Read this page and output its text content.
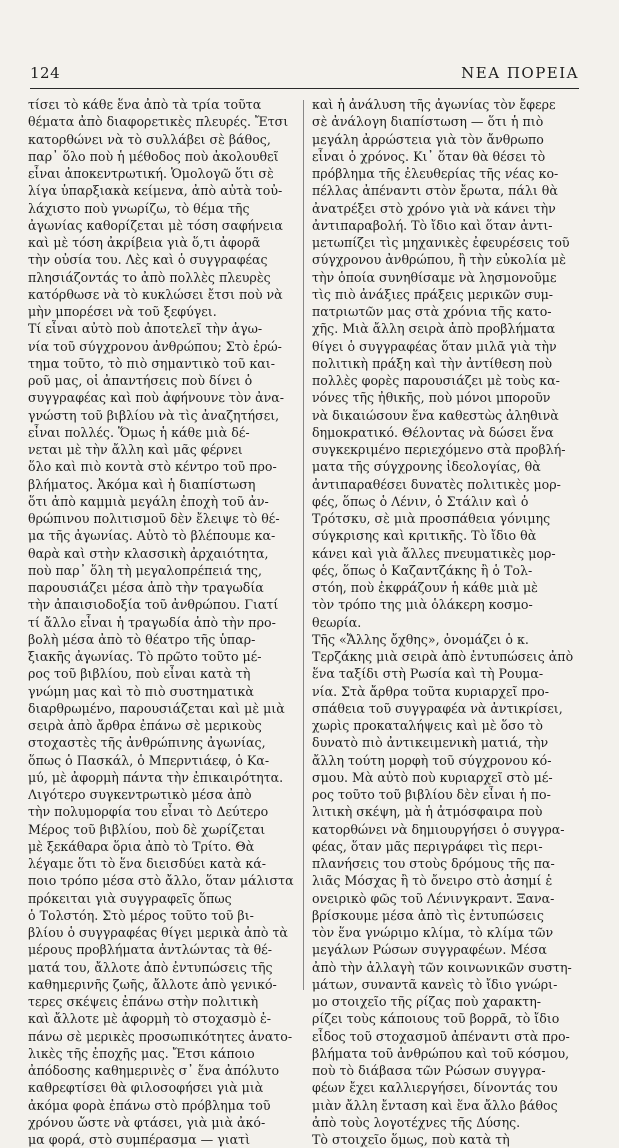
124	ΝΕΑ ΠΟΡΕΙΑ
τίσει τὸ κάθε ἕνα ἀπὸ τὰ τρία τοῦτα
θέματα ἀπὸ διαφορετικὲς πλευρές. Ἔτσι
κατορθώνει νὰ τὸ συλλάβει σὲ βάθος,
παρ᾽ ὅλο ποὺ ἡ μέθοδος ποὺ ἀκολουθεῖ
εἶναι ἀποκεντρωτική. Ὁμολογῶ ὅτι σὲ
λίγα ὑπαρξιακὰ κείμενα, ἀπὸ αὐτὰ τοὐ-
λάχιστο ποὺ γνωρίζω, τὸ θέμα τῆς
ἀγωνίας καθορίζεται μὲ τόση σαφήνεια
καὶ μὲ τόση ἀκρίβεια γιὰ ὅ,τι ἀφορᾶ
τὴν οὐσία του. Λὲς καὶ ὁ συγγραφέας
πλησιάζοντάς το ἀπὸ πολλὲς πλευρὲς
κατόρθωσε νὰ τὸ κυκλώσει ἔτσι ποὺ νὰ
μὴν μπορέσει νὰ τοῦ ξεφύγει.
Τί εἶναι αὐτὸ ποὺ ἀποτελεῖ τὴν ἀγω-
νία τοῦ σύγχρονου ἀνθρώπου; Στὸ ἐρώ-
τημα τοῦτο, τὸ πιὸ σημαντικὸ τοῦ και-
ροῦ μας, οἱ ἀπαντήσεις ποὺ δίνει ὁ
συγγραφέας καὶ ποὺ ἀφήνουνε τὸν ἀνα-
γνώστη τοῦ βιβλίου νὰ τὶς ἀναζητήσει,
εἶναι πολλές. Ὅμως ἡ κάθε μιὰ δέ-
νεται μὲ τὴν ἄλλη καὶ μᾶς φέρνει
ὅλο καὶ πιὸ κοντὰ στὸ κέντρο τοῦ προ-
βλήματος. Ἀκόμα καὶ ἡ διαπίστωση
ὅτι ἀπὸ καμμιὰ μεγάλη ἐποχὴ τοῦ ἀν-
θρώπινου πολιτισμοῦ δὲν ἔλειψε τὸ θέ-
μα τῆς ἀγωνίας. Αὐτὸ τὸ βλέπουμε κα-
θαρὰ καὶ στὴν κλασσικὴ ἀρχαιότητα,
ποὺ παρ᾽ ὅλη τὴ μεγαλοπρέπειά της,
παρουσιάζει μέσα ἀπὸ τὴν τραγωδία
τὴν ἀπαισιοδοξία τοῦ ἀνθρώπου. Γιατί
τί ἄλλο εἶναι ἡ τραγωδία ἀπὸ τὴν προ-
βολὴ μέσα ἀπὸ τὸ θέατρο τῆς ὑπαρ-
ξιακῆς ἀγωνίας. Τὸ πρῶτο τοῦτο μέ-
ρος τοῦ βιβλίου, ποὺ εἶναι κατὰ τὴ
γνώμη μας καὶ τὸ πιὸ συστηματικὰ
διαρθρωμένο, παρουσιάζεται καὶ μὲ μιὰ
σειρὰ ἀπὸ ἄρθρα ἐπάνω σὲ μερικοὺς
στοχαστὲς τῆς ἀνθρώπινης ἀγωνίας,
ὅπως ὁ Πασκάλ, ὁ Μπερντιάεφ, ὁ Κα-
μύ, μὲ ἀφορμὴ πάντα τὴν ἐπικαιρότητα.
Λιγότερο συγκεντρωτικὸ μέσα ἀπὸ
τὴν πολυμορφία του εἶναι τὸ Δεύτερο
Μέρος τοῦ βιβλίου, ποὺ δὲ χωρίζεται
μὲ ξεκάθαρα ὅρια ἀπὸ τὸ Τρίτο. Θὰ
λέγαμε ὅτι τὸ ἕνα διεισδύει κατὰ κά-
ποιο τρόπο μέσα στὸ ἄλλο, ὅταν μάλιστα
πρόκειται γιὰ συγγραφεῖς ὅπως
ὁ Τολστόη. Στὸ μέρος τοῦτο τοῦ βι-
βλίου ὁ συγγραφέας θίγει μερικὰ ἀπὸ τὰ
μέρους προβλήματα ἀντλώντας τὰ θέ-
ματά του, ἄλλοτε ἀπὸ ἐντυπώσεις τῆς
καθημερινῆς ζωῆς, ἄλλοτε ἀπὸ γενικό-
τερες σκέψεις ἐπάνω στὴν πολιτικὴ
καὶ ἄλλοτε μὲ ἀφορμὴ τὸ στοχασμὸ ἐ-
πάνω σὲ μερικὲς προσωπικότητες ἀνατο-
λικὲς τῆς ἐποχῆς μας. Ἔτσι κάποιο
ἀπόδοσης καθημερινὲς σ᾽ ἕνα ἀπόλυτο
καθρεφτίσει θὰ φιλοσοφήσει γιὰ μιὰ
ἀκόμα φορὰ ἐπάνω στὸ πρόβλημα τοῦ
χρόνου ὥστε νὰ φτάσει, γιὰ μιὰ ἀκό-
μα φορά, στὸ συμπέρασμα — γιατὶ
καὶ ἡ ἀνάλυση τῆς ἀγωνίας τὸν ἔφερε
σὲ ἀνάλογη διαπίστωση — ὅτι ἡ πιὸ
μεγάλη ἀρρώστεια γιὰ τὸν ἄνθρωπο
εἶναι ὁ χρόνος. Κι᾽ ὅταν θὰ θέσει τὸ
πρόβλημα τῆς ἐλευθερίας τῆς νέας κο-
πέλλας ἀπέναντι στὸν ἔρωτα, πάλι θὰ
ἀνατρέξει στὸ χρόνο γιὰ νὰ κάνει τὴν
ἀντιπαραβολή. Τὸ ἴδιο καὶ ὅταν ἀντι-
μετωπίζει τὶς μηχανικὲς ἐφευρέσεις τοῦ
σύγχρονου ἀνθρώπου, ἢ τὴν εὐκολία μὲ
τὴν ὁποία συνηθίσαμε νὰ λησμονοῦμε
τὶς πιὸ ἀνάξιες πράξεις μερικῶν συμ-
πατριωτῶν μας στὰ χρόνια τῆς κατο-
χῆς. Μιὰ ἄλλη σειρὰ ἀπὸ προβλήματα
θίγει ὁ συγγραφέας ὅταν μιλᾶ γιὰ τὴν
πολιτικὴ πράξη καὶ τὴν ἀντίθεση ποὺ
πολλὲς φορὲς παρουσιάζει μὲ τοὺς κα-
νόνες τῆς ἠθικῆς, ποὺ μόνοι μποροῦν
νὰ δικαιώσουν ἕνα καθεστὼς ἀληθινὰ
δημοκρατικό. Θέλοντας νὰ δώσει ἕνα
συγκεκριμένο περιεχόμενο στὰ προβλή-
ματα τῆς σύγχρονης ἰδεολογίας, θὰ
ἀντιπαραθέσει δυνατὲς πολιτικὲς μορ-
φές, ὅπως ὁ Λένιν, ὁ Στάλιν καὶ ὁ
Τρότσκυ, σὲ μιὰ προσπάθεια γόνιμης
σύγκρισης καὶ κριτικῆς. Τὸ ἴδιο θὰ
κάνει καὶ γιὰ ἄλλες πνευματικὲς μορ-
φές, ὅπως ὁ Καζαντζάκης ἢ ὁ Τολ-
στόη, ποὺ ἐκφράζουν ἡ κάθε μιὰ μὲ
τὸν τρόπο της μιὰ ὁλάκερη κοσμο-
θεωρία.
Τῆς «Ἄλλης ὄχθης», ὀνομάζει ὁ κ.
Τερζάκης μιὰ σειρὰ ἀπὸ ἐντυπώσεις ἀπὸ
ἕνα ταξίδι στὴ Ρωσία καὶ τὴ Ρουμα-
νία. Στὰ ἄρθρα τοῦτα κυριαρχεῖ προ-
σπάθεια τοῦ συγγραφέα νὰ ἀντικρίσει,
χωρὶς προκαταλήψεις καὶ μὲ ὅσο τὸ
δυνατὸ πιὸ ἀντικειμενικὴ ματιά, τὴν
ἄλλη τούτη μορφὴ τοῦ σύγχρονου κό-
σμου. Μὰ αὐτὸ ποὺ κυριαρχεῖ στὸ μέ-
ρος τοῦτο τοῦ βιβλίου δὲν εἶναι ἡ πο-
λιτικὴ σκέψη, μὰ ἡ ἀτμόσφαιρα ποὺ
κατορθώνει νὰ δημιουργήσει ὁ συγγρα-
φέας, ὅταν μᾶς περιγράφει τὶς περι-
πλανήσεις του στοὺς δρόμους τῆς πα-
λιᾶς Μόσχας ἢ τὸ ὄνειρο στὸ ἀσημί ἑ
ονειρικὸ φῶς τοῦ Λένινγκραντ. Ξανα-
βρίσκουμε μέσα ἀπὸ τὶς ἐντυπώσεις
τὸν ἕνα γνώριμο κλίμα, τὸ κλίμα τῶν
μεγάλων Ρώσων συγγραφέων. Μέσα
ἀπὸ τὴν ἀλλαγὴ τῶν κοινωνικῶν συστη-
μάτων, συναντᾶ κανεὶς τὸ ἴδιο γνώρι-
μο στοιχεῖο τῆς ρίζας ποὺ χαρακτη-
ρίζει τοὺς κάποιους τοῦ βορρᾶ, τὸ ἴδιο
εἶδος τοῦ στοχασμοῦ ἀπέναντι στὰ προ-
βλήματα τοῦ ἀνθρώπου καὶ τοῦ κόσμου,
ποὺ τὸ διάβασα τῶν Ρώσων συγγρα-
φέων ἔχει καλλιεργήσει, δίνοντάς του
μιὰν ἄλλη ἔνταση καὶ ἕνα ἄλλο βάθος
ἀπὸ τοὺς λογοτέχνες τῆς Δύσης.
Τὸ στοιχεῖο ὅμως, ποὺ κατὰ τὴ
